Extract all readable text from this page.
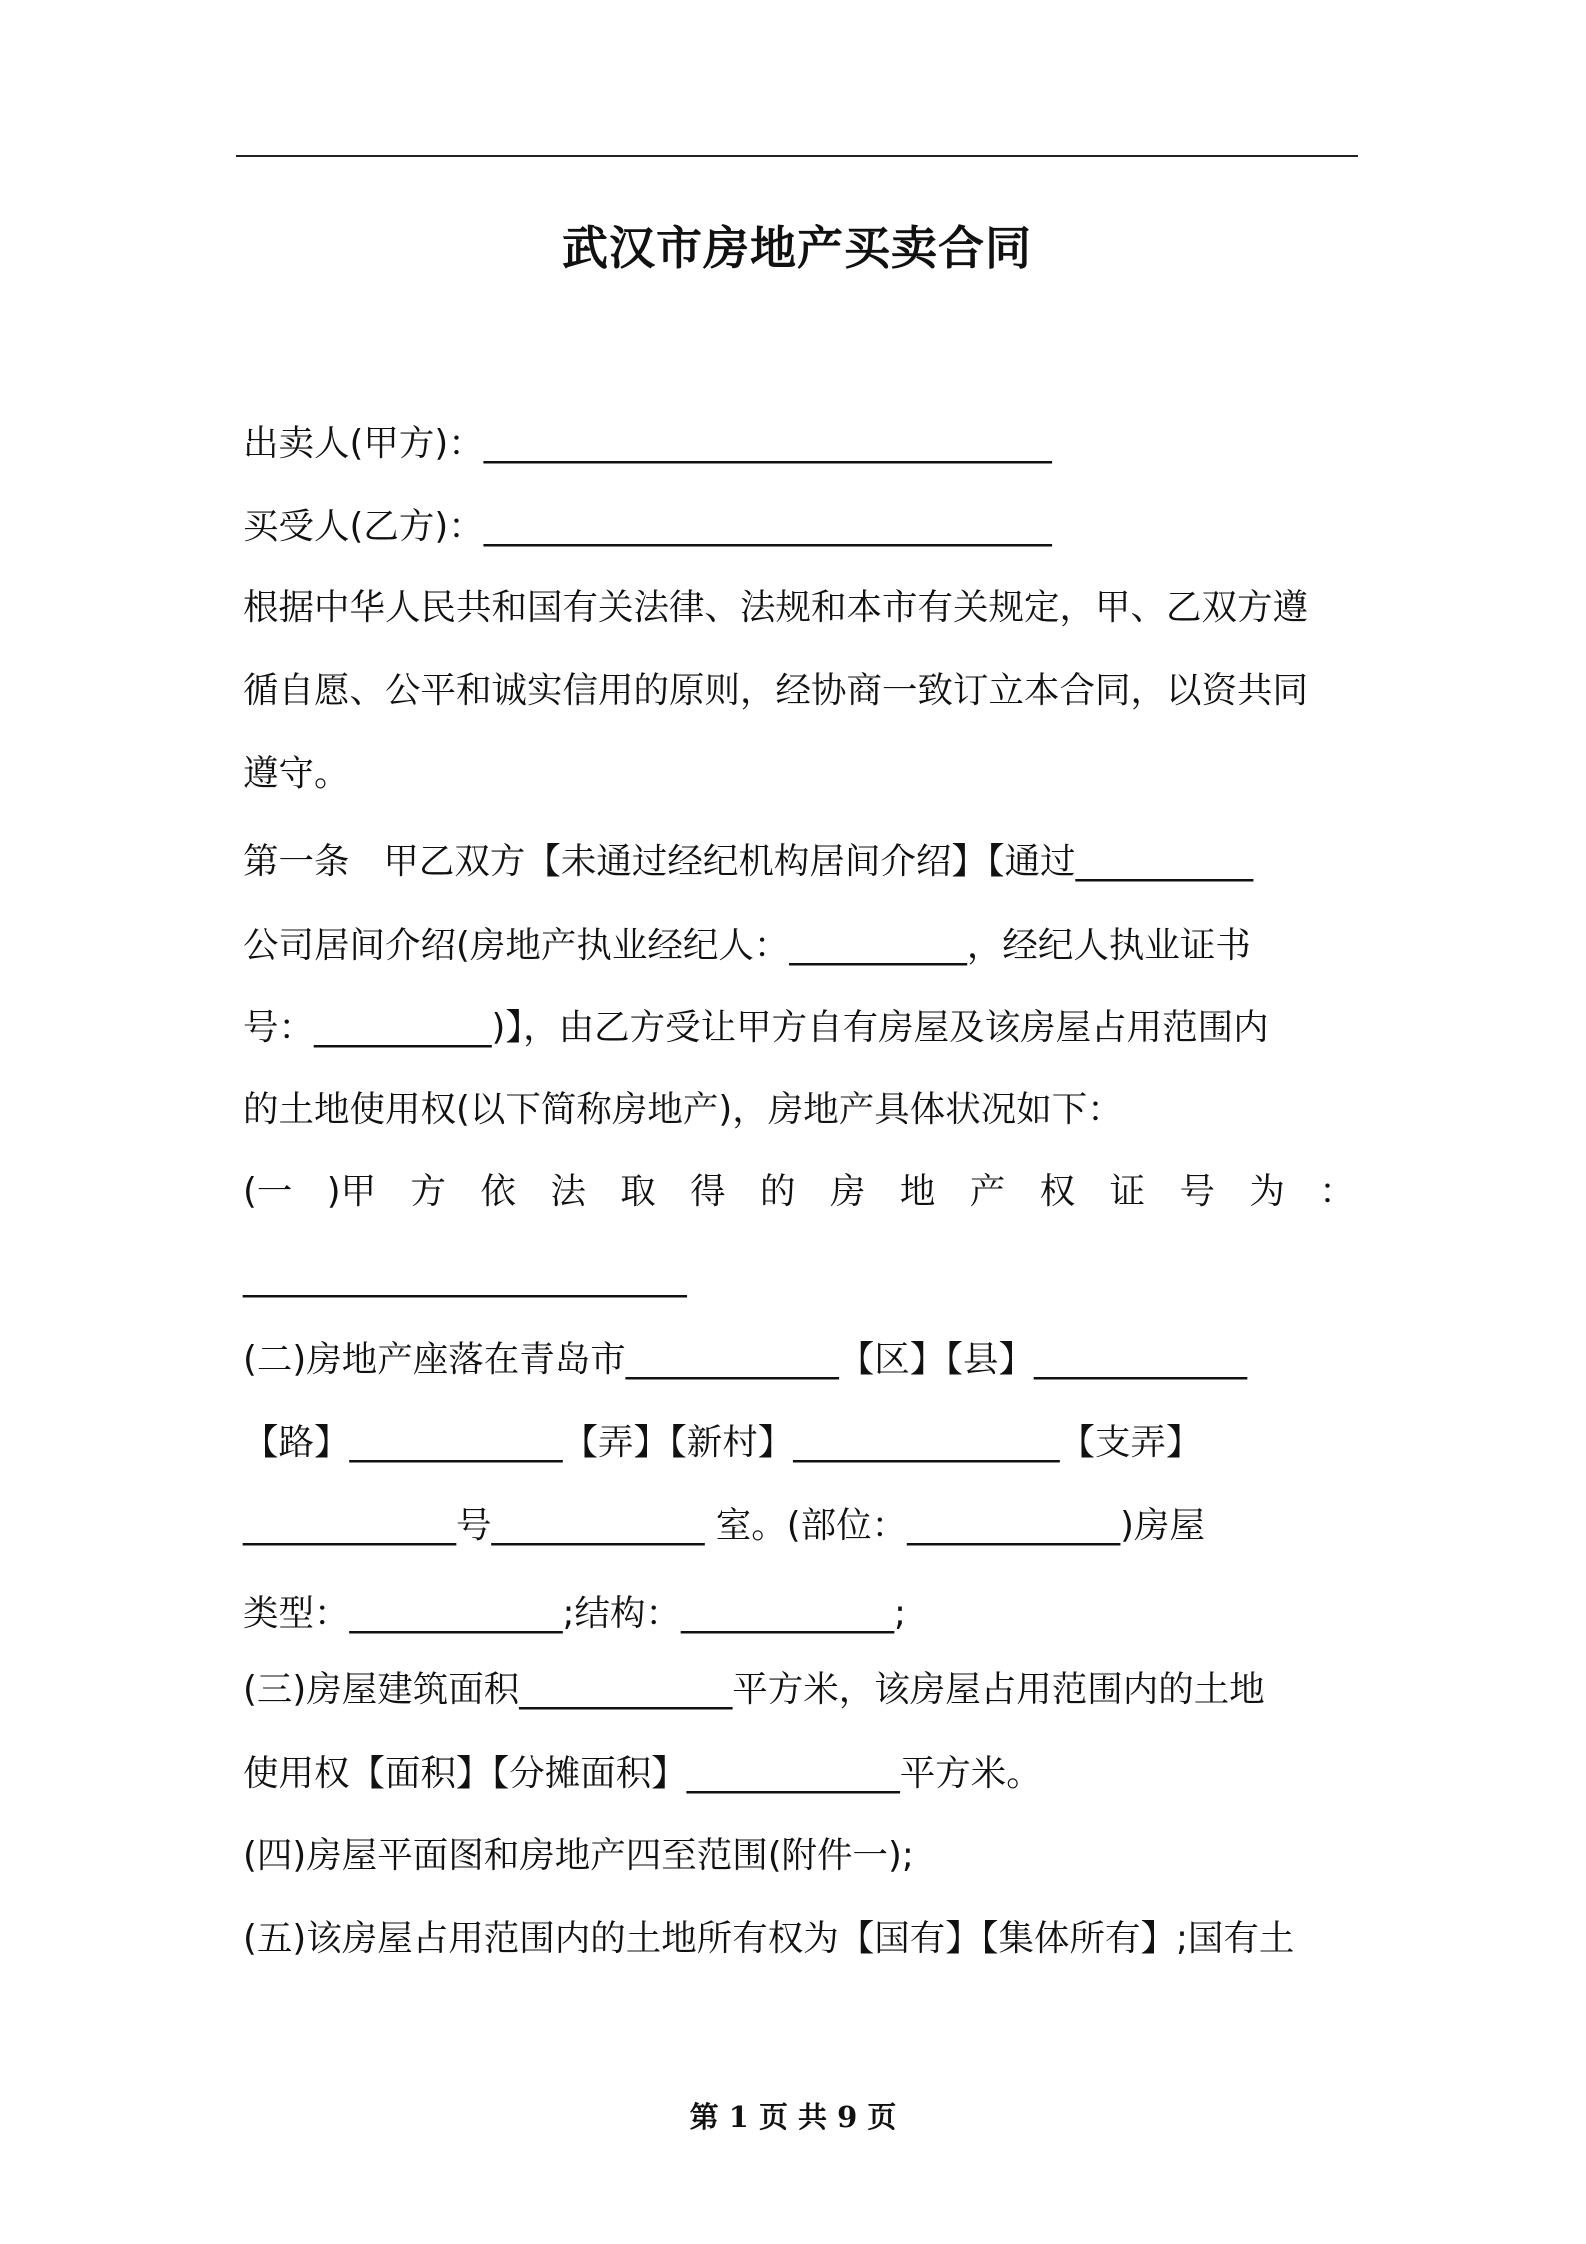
武汉市房地产买卖合同
出卖人(甲方)：________________________________
买受人(乙方)：________________________________
根据中华人民共和国有关法律、法规和本市有关规定，甲、乙双方遵
循自愿、公平和诚实信用的原则，经协商一致订立本合同，以资共同
遵守。
第一条   甲乙双方【未通过经纪机构居间介绍】【通过__________
公司居间介绍(房地产执业经纪人：__________，经纪人执业证书
号：__________)】，由乙方受让甲方自有房屋及该房屋占用范围内
的土地使用权(以下简称房地产)，房地产具体状况如下：
(一 )甲 方 依 法 取 得 的 房 地 产 权 证 号 为 ：
_________________________
(二)房地产座落在青岛市____________【区】【县】____________
【路】____________【弄】【新村】_______________【支弄】
____________号____________ 室。(部位：____________)房屋
类型：____________;结构：____________;
(三)房屋建筑面积____________平方米，该房屋占用范围内的土地
使用权【面积】【分摊面积】____________平方米。
(四)房屋平面图和房地产四至范围(附件一);
(五)该房屋占用范围内的土地所有权为【国有】【集体所有】;国有土
第 1 页 共 9 页
